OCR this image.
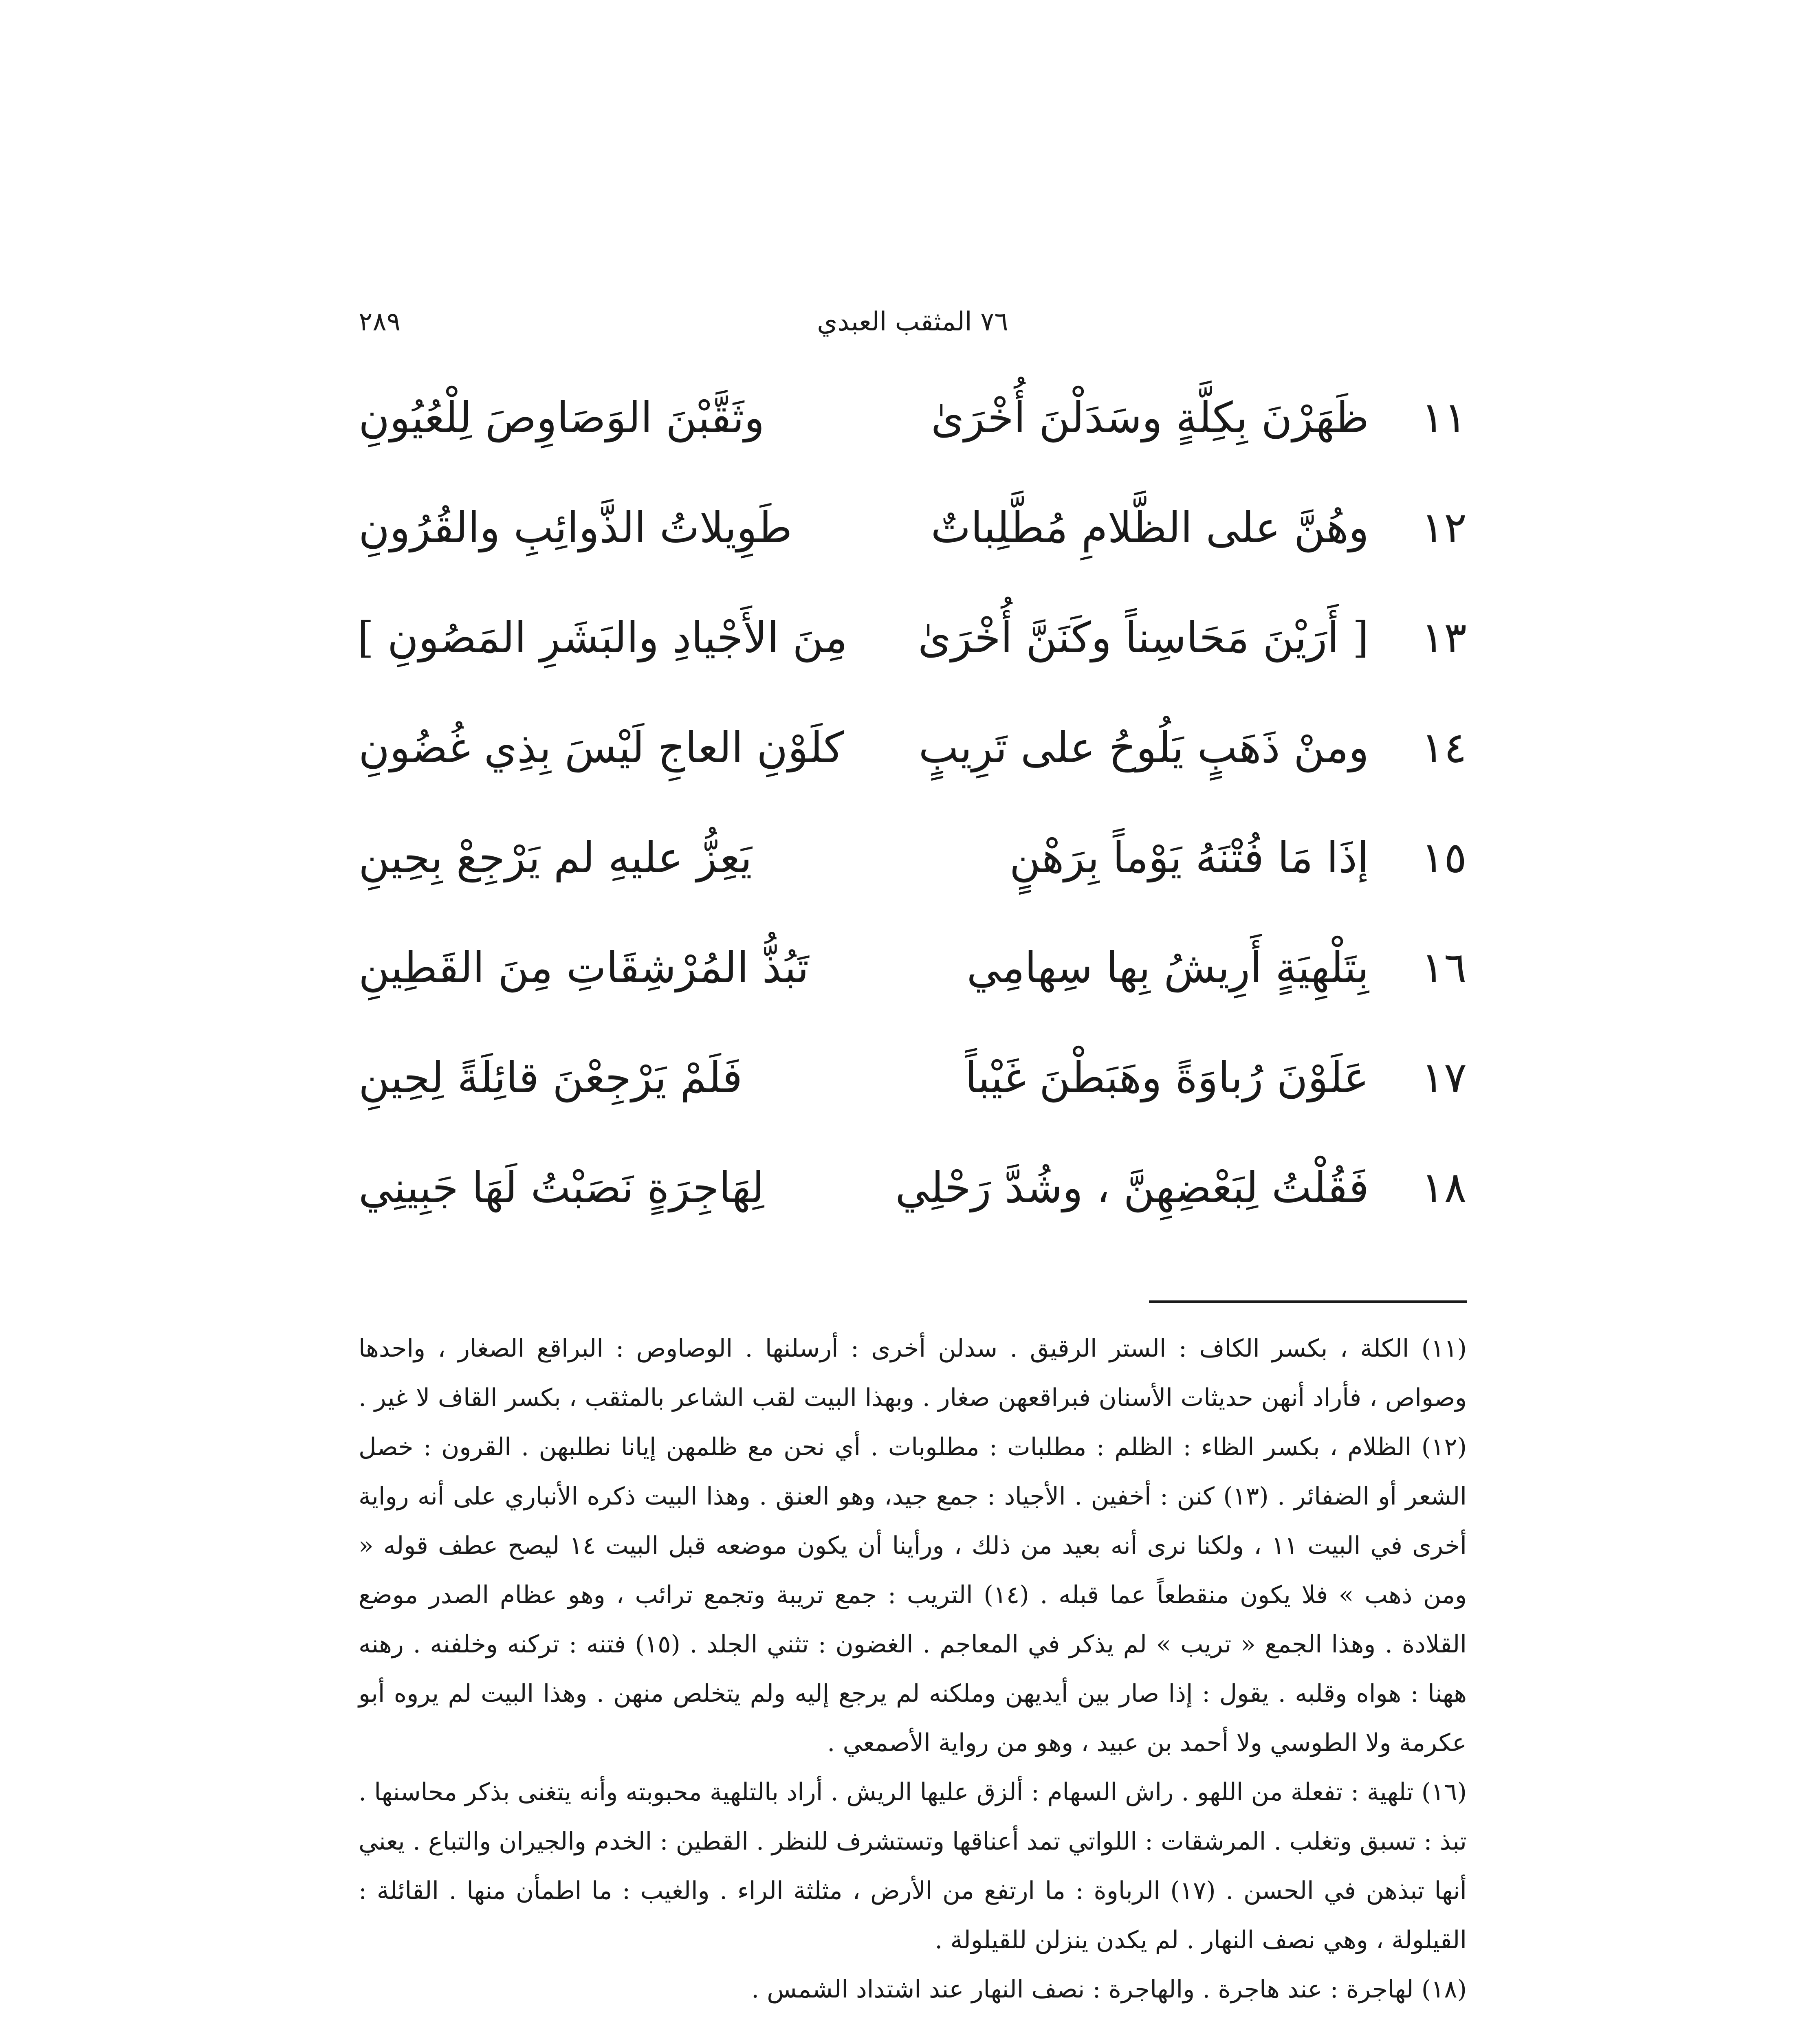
٧٦ المثقب العبدي
٢٨٩
١١
ظَهَرْنَ بِكِلَّةٍ وسَدَلْنَ أُخْرَىٰ
وثَقَّبْنَ الوَصَاوِصَ لِلْعُيُونِ
١٢
وهُنَّ على الظَّلامِ مُطَّلِباتٌ
طَوِيلاتُ الذَّوائِبِ والقُرُونِ
١٣
[ أَرَيْنَ مَحَاسِناً وكَنَنَّ أُخْرَىٰ
مِنَ الأَجْيادِ والبَشَرِ المَصُونِ ]
١٤
ومنْ ذَهَبٍ يَلُوحُ على تَرِيبٍ
كلَوْنِ العاجِ لَيْسَ بِذِي غُضُونِ
١٥
إذَا مَا فُتْنَهُ يَوْماً بِرَهْنٍ
يَعِزُّ عليهِ لم يَرْجِعْ بِحِينِ
١٦
بِتَلْهِيَةٍ أَرِيشُ بِها سِهامِي
تَبُذُّ المُرْشِقَاتِ مِنَ القَطِينِ
١٧
عَلَوْنَ رُباوَةً وهَبَطْنَ غَيْباً
فَلَمْ يَرْجِعْنَ قائِلَةً لِحِينِ
١٨
فَقُلْتُ لِبَعْضِهِنَّ ، وشُدَّ رَحْلِي
لِهَاجِرَةٍ نَصَبْتُ لَهَا جَبِينِي

(١١) الكلة ، بكسر الكاف : الستر الرقيق . سدلن أخرى : أرسلنها . الوصاوص : البراقع الصغار ، واحدها وصواص ، فأراد أنهن حديثات الأسنان فبراقعهن صغار . وبهذا البيت لقب الشاعر بالمثقب ، بكسر القاف لا غير . (١٢) الظلام ، بكسر الظاء : الظلم : مطلبات : مطلوبات . أي نحن مع ظلمهن إيانا نطلبهن . القرون : خصل الشعر أو الضفائر . (١٣) كنن : أخفين . الأجياد : جمع جيد، وهو العنق . وهذا البيت ذكره الأنباري على أنه رواية أخرى في البيت ١١ ، ولكنا نرى أنه بعيد من ذلك ، ورأينا أن يكون موضعه قبل البيت ١٤ ليصح عطف قوله « ومن ذهب » فلا يكون منقطعاً عما قبله . (١٤) التريب : جمع تريبة وتجمع ترائب ، وهو عظام الصدر موضع القلادة . وهذا الجمع « تريب » لم يذكر في المعاجم . الغضون : تثني الجلد . (١٥) فتنه : تركنه وخلفنه . رهنه ههنا : هواه وقلبه . يقول : إذا صار بين أيديهن وملكنه لم يرجع إليه ولم يتخلص منهن . وهذا البيت لم يروه أبو عكرمة ولا الطوسي ولا أحمد بن عبيد ، وهو من رواية الأصمعي .

(١٦) تلهية : تفعلة من اللهو . راش السهام : ألزق عليها الريش . أراد بالتلهية محبوبته وأنه يتغنى بذكر محاسنها . تبذ : تسبق وتغلب . المرشقات : اللواتي تمد أعناقها وتستشرف للنظر . القطين : الخدم والجيران والتباع . يعني أنها تبذهن في الحسن . (١٧) الرباوة : ما ارتفع من الأرض ، مثلثة الراء . والغيب : ما اطمأن منها . القائلة : القيلولة ، وهي نصف النهار . لم يكدن ينزلن للقيلولة .

(١٨) لهاجرة : عند هاجرة . والهاجرة : نصف النهار عند اشتداد الشمس .
